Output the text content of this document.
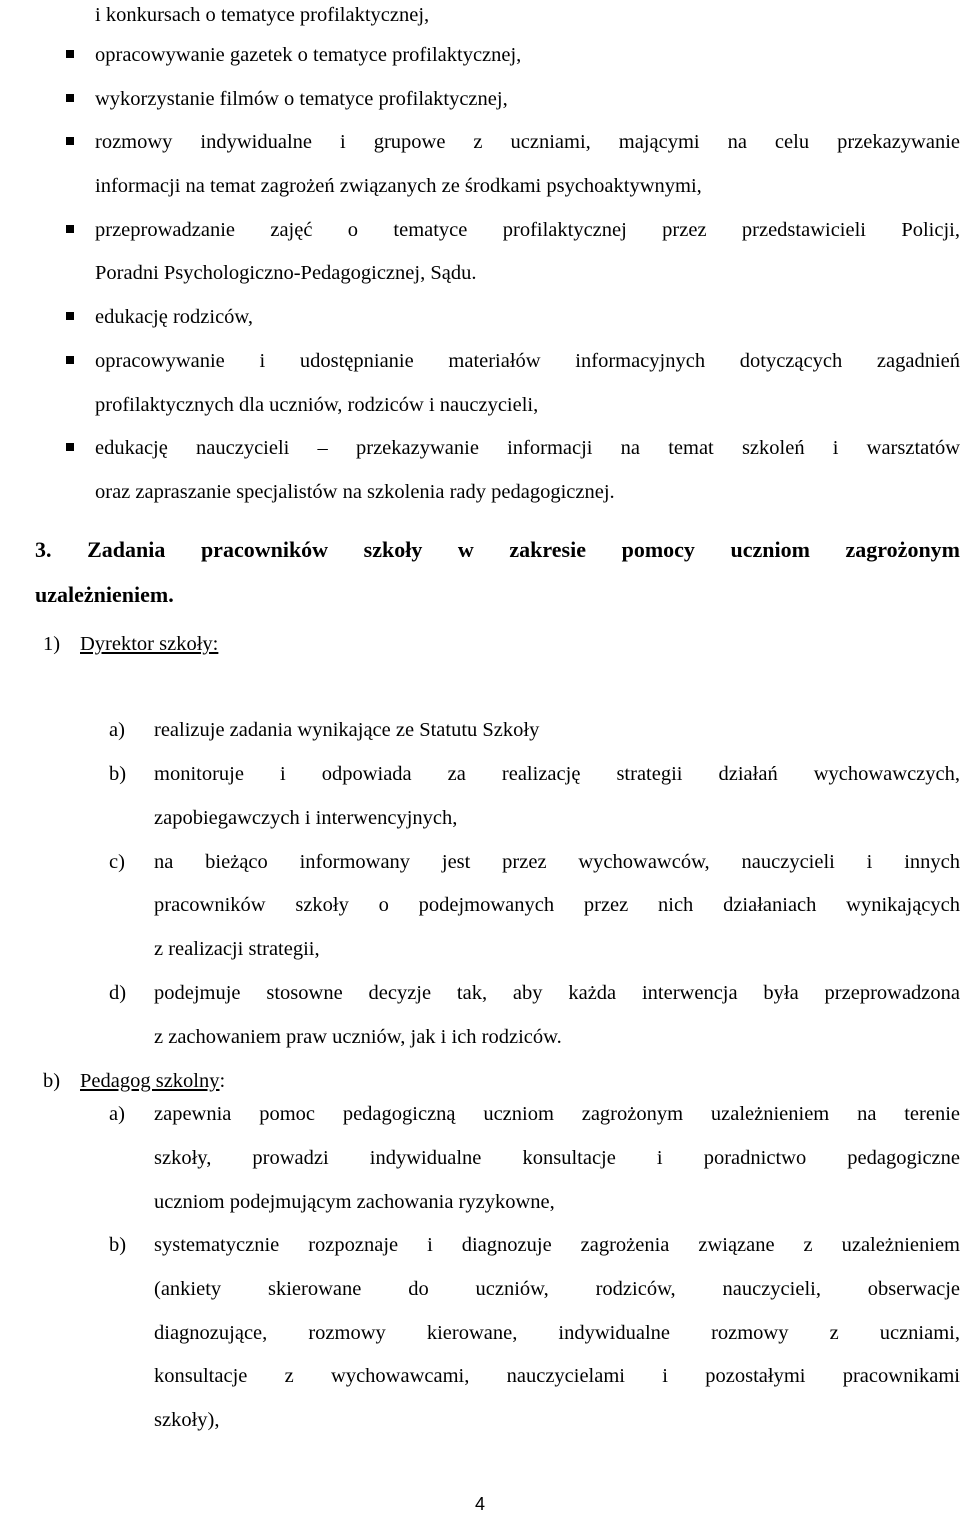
i konkursach o tematyce profilaktycznej,
opracowywanie gazetek o tematyce profilaktycznej,
wykorzystanie filmów o tematyce profilaktycznej,
rozmowy indywidualne i grupowe z uczniami, mającymi na celu przekazywanie
informacji na temat zagrożeń związanych ze środkami psychoaktywnymi,
przeprowadzanie zajęć o tematyce profilaktycznej przez przedstawicieli Policji,
Poradni Psychologiczno-Pedagogicznej, Sądu.
edukację rodziców,
opracowywanie i udostępnianie materiałów informacyjnych dotyczących zagadnień
profilaktycznych dla uczniów, rodziców i nauczycieli,
edukację nauczycieli – przekazywanie informacji na temat szkoleń i warsztatów
oraz zapraszanie specjalistów na szkolenia rady pedagogicznej.
3. Zadania pracowników szkoły w zakresie pomocy uczniom zagrożonym
uzależnieniem.
1) Dyrektor szkoły:
a) realizuje zadania wynikające ze Statutu Szkoły
b) monitoruje i odpowiada za realizację strategii działań wychowawczych,
zapobiegawczych i interwencyjnych,
c) na bieżąco informowany jest przez wychowawców, nauczycieli i innych
pracowników szkoły o podejmowanych przez nich działaniach wynikających
z realizacji strategii,
d) podejmuje stosowne decyzje tak, aby każda interwencja była przeprowadzona
z zachowaniem praw uczniów, jak i ich rodziców.
b) Pedagog szkolny:
a) zapewnia pomoc pedagogiczną uczniom zagrożonym uzależnieniem na terenie
szkoły, prowadzi indywidualne konsultacje i poradnictwo pedagogiczne
uczniom podejmującym zachowania ryzykowne,
b) systematycznie rozpoznaje i diagnozuje zagrożenia związane z uzależnieniem
(ankiety skierowane do uczniów, rodziców, nauczycieli, obserwacje
diagnozujące, rozmowy kierowane, indywidualne rozmowy z uczniami,
konsultacje z wychowawcami, nauczycielami i pozostałymi pracownikami
szkoły),
4
